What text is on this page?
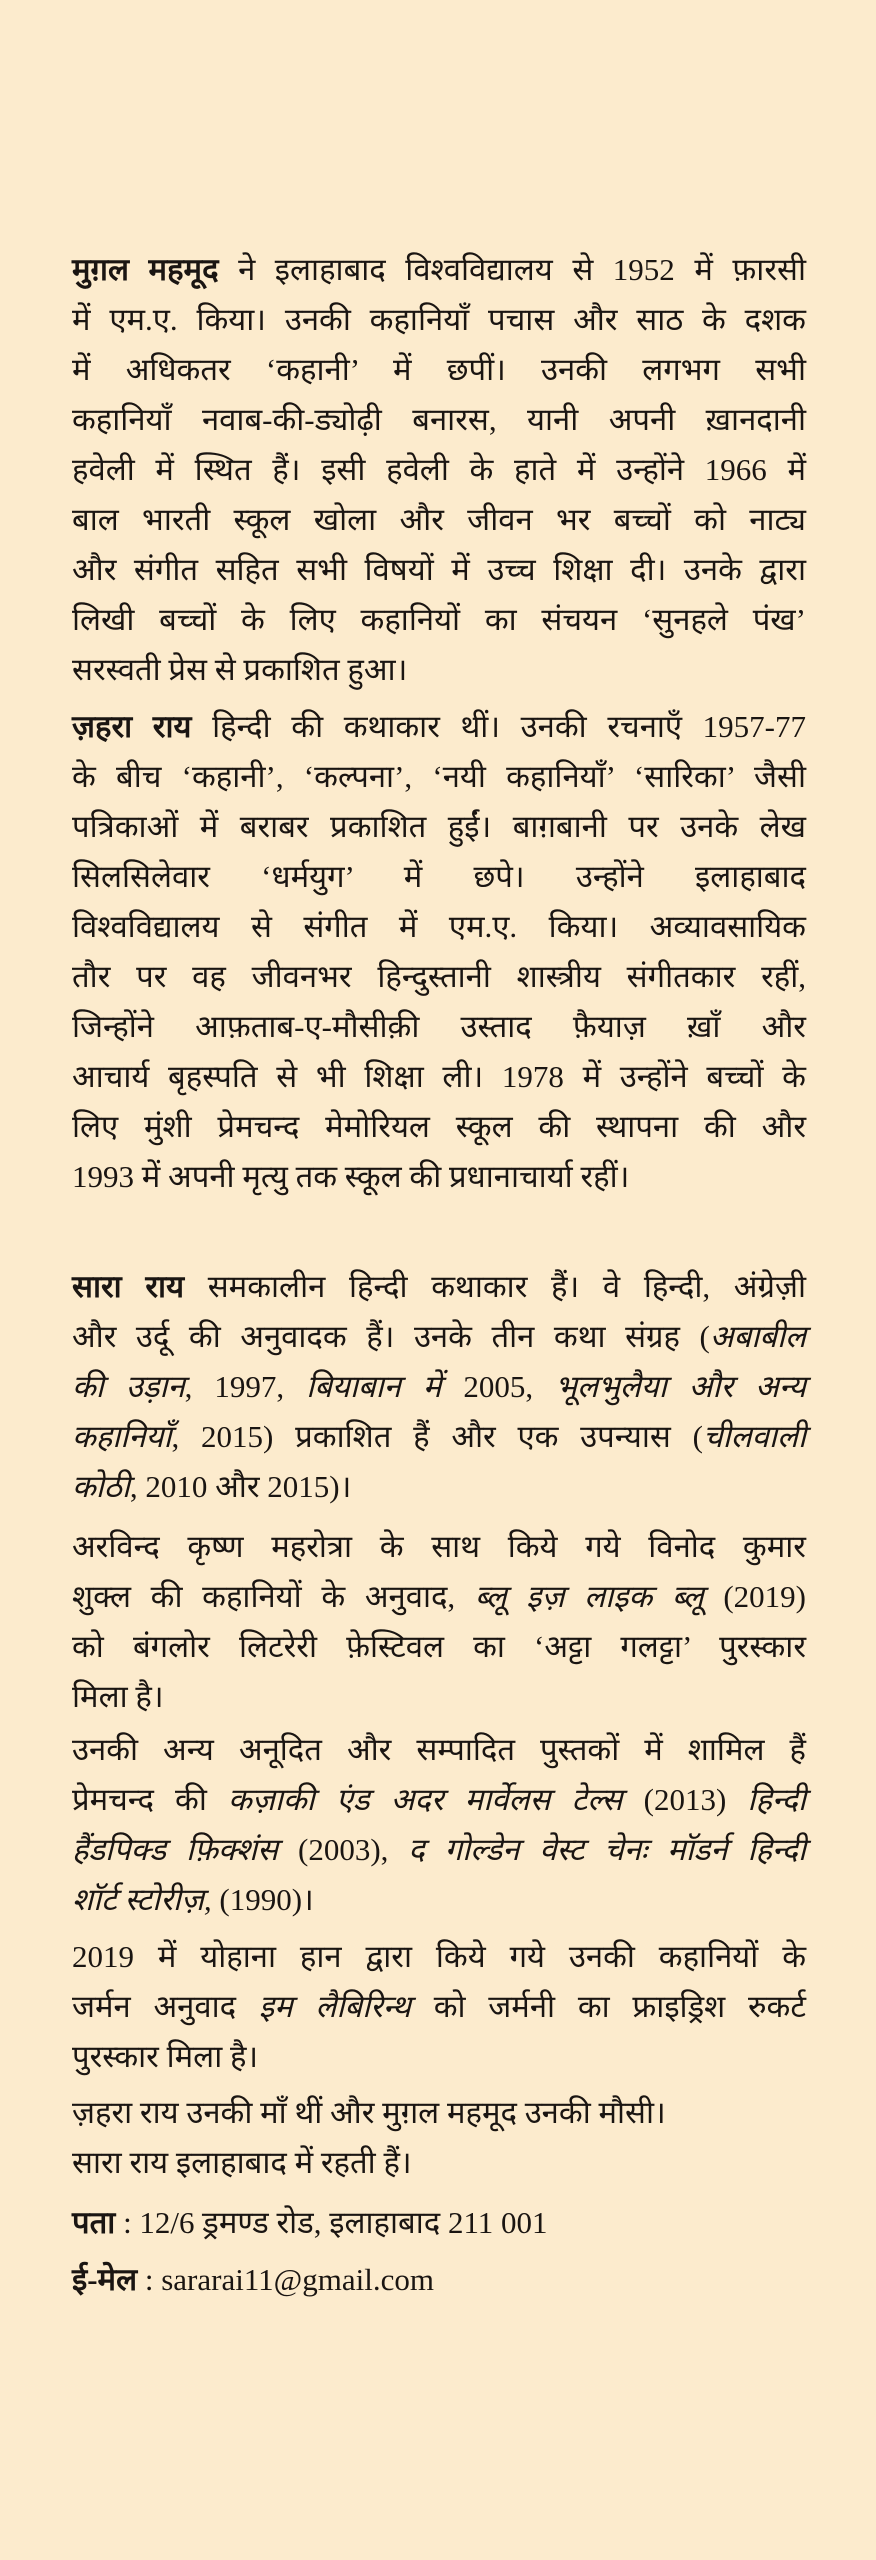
मुग़ल महमूद ने इलाहाबाद विश्वविद्यालय से 1952 में फ़ारसी
में एम.ए. किया। उनकी कहानियाँ पचास और साठ के दशक
में अधिकतर ‘कहानी’ में छपीं। उनकी लगभग सभी
कहानियाँ नवाब-की-ड्योढ़ी बनारस, यानी अपनी ख़ानदानी
हवेली में स्थित हैं। इसी हवेली के हाते में उन्होंने 1966 में
बाल भारती स्कूल खोला और जीवन भर बच्चों को नाट्य
और संगीत सहित सभी विषयों में उच्च शिक्षा दी। उनके द्वारा
लिखी बच्चों के लिए कहानियों का संचयन ‘सुनहले पंख’
सरस्वती प्रेस से प्रकाशित हुआ।
ज़हरा राय हिन्दी की कथाकार थीं। उनकी रचनाएँ 1957-77
के बीच ‘कहानी’, ‘कल्पना’, ‘नयी कहानियाँ’ ‘सारिका’ जैसी
पत्रिकाओं में बराबर प्रकाशित हुईं। बाग़बानी पर उनके लेख
सिलसिलेवार ‘धर्मयुग’ में छपे। उन्होंने इलाहाबाद
विश्वविद्यालय से संगीत में एम.ए. किया। अव्यावसायिक
तौर पर वह जीवनभर हिन्दुस्तानी शास्त्रीय संगीतकार रहीं,
जिन्होंने आफ़ताब-ए-मौसीक़ी उस्ताद फ़ैयाज़ ख़ाँ और
आचार्य बृहस्पति से भी शिक्षा ली। 1978 में उन्होंने बच्चों के
लिए मुंशी प्रेमचन्द मेमोरियल स्कूल की स्थापना की और
1993 में अपनी मृत्यु तक स्कूल की प्रधानाचार्या रहीं।
सारा राय समकालीन हिन्दी कथाकार हैं। वे हिन्दी, अंग्रेज़ी
और उर्दू की अनुवादक हैं। उनके तीन कथा संग्रह (अबाबील
की उड़ान, 1997, बियाबान में 2005, भूलभुलैया और अन्य
कहानियाँ, 2015) प्रकाशित हैं और एक उपन्यास (चीलवाली
कोठी, 2010 और 2015)।
अरविन्द कृष्ण महरोत्रा के साथ किये गये विनोद कुमार
शुक्ल की कहानियों के अनुवाद, ब्लू इज़ लाइक ब्लू (2019)
को बंगलोर लिटरेरी फ़ेस्टिवल का ‘अट्टा गलट्टा’ पुरस्कार
मिला है।
उनकी अन्य अनूदित और सम्पादित पुस्तकों में शामिल हैं
प्रेमचन्द की कज़ाकी एंड अदर मार्वेलस टेल्स (2013) हिन्दी
हैंडपिक्ड फ़िक्शंस (2003), द गोल्डेन वेस्ट चेनः मॉडर्न हिन्दी
शॉर्ट स्टोरीज़, (1990)।
2019 में योहाना हान द्वारा किये गये उनकी कहानियों के
जर्मन अनुवाद इम लैबिरिन्थ को जर्मनी का फ्राइड्रिश रुकर्ट
पुरस्कार मिला है।
ज़हरा राय उनकी माँ थीं और मुग़ल महमूद उनकी मौसी।
सारा राय इलाहाबाद में रहती हैं।
पता : 12/6 ड्रमण्ड रोड, इलाहाबाद 211 001
ई-मेल : sararai11@gmail.com
